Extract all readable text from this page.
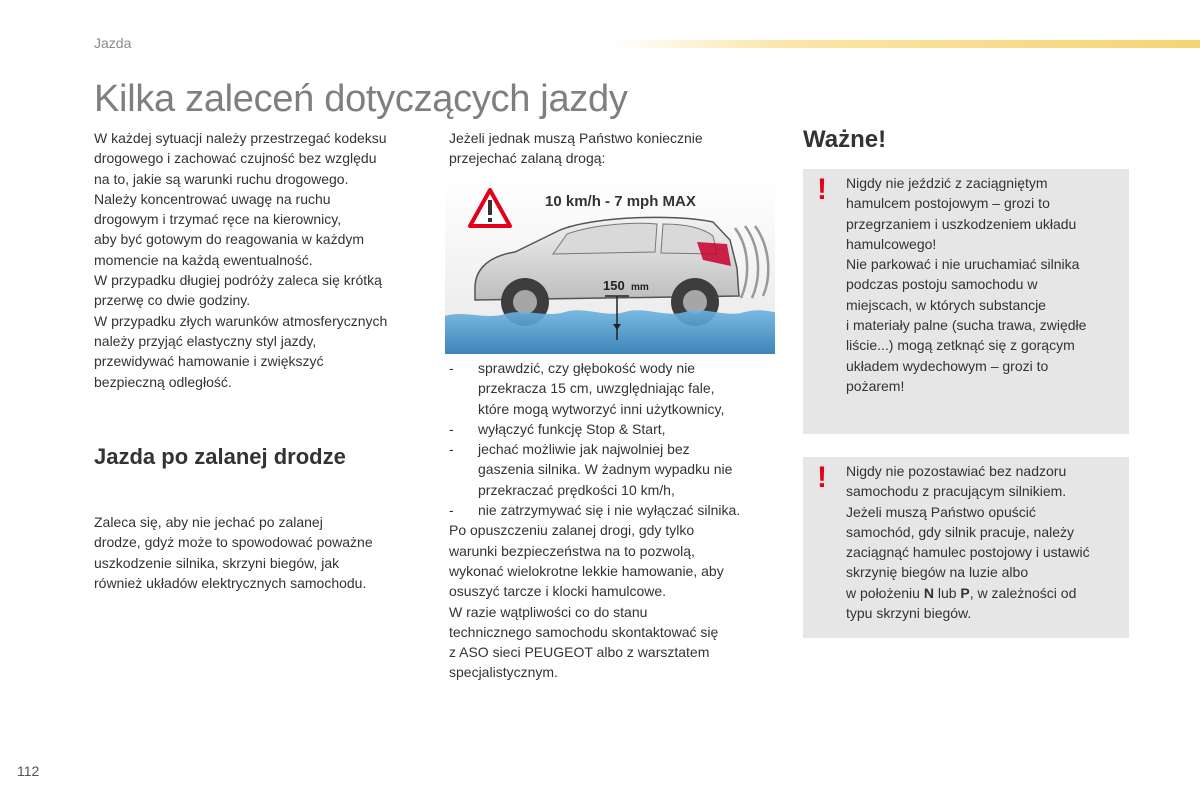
Jazda
Kilka zaleceń dotyczących jazdy

W każdej sytuacji należy przestrzegać kodeksu

drogowego i zachować czujność bez względu

na to, jakie są warunki ruchu drogowego.

Należy koncentrować uwagę na ruchu

drogowym i trzymać ręce na kierownicy,

aby być gotowym do reagowania w każdym

momencie na każdą ewentualność.

W przypadku długiej podróży zaleca się krótką

przerwę co dwie godziny.

W przypadku złych warunków atmosferycznych

należy przyjąć elastyczny styl jazdy,

przewidywać hamowanie i zwiększyć

bezpieczną odległość.

Jazda po zalanej drodze

Zaleca się, aby nie jechać po zalanej

drodze, gdyż może to spowodować poważne

uszkodzenie silnika, skrzyni biegów, jak

również układów elektrycznych samochodu.

Jeżeli jednak muszą Państwo koniecznie

przejechać zalaną drogą:

10 km/h - 7 mph MAX
150 mm
- sprawdzić, czy głębokość wody nie

przekracza 15 cm, uwzględniając fale,

które mogą wytworzyć inni użytkownicy,

- wyłączyć funkcję Stop & Start,

- jechać możliwie jak najwolniej bez

gaszenia silnika. W żadnym wypadku nie

przekraczać prędkości 10 km/h,

- nie zatrzymywać się i nie wyłączać silnika.

Po opuszczeniu zalanej drogi, gdy tylko

warunki bezpieczeństwa na to pozwolą,

wykonać wielokrotne lekkie hamowanie, aby

osuszyć tarcze i klocki hamulcowe.

W razie wątpliwości co do stanu

technicznego samochodu skontaktować się

z ASO sieci PEUGEOT albo z warsztatem

specjalistycznym.

Ważne!
! Nigdy nie jeździć z zaciągniętym

hamulcem postojowym – grozi to

przegrzaniem i uszkodzeniem układu

hamulcowego!

Nie parkować i nie uruchamiać silnika

podczas postoju samochodu w

miejscach, w których substancje

i materiały palne (sucha trawa, zwiędłe

liście...) mogą zetknąć się z gorącym

układem wydechowym – grozi to

pożarem!

! Nigdy nie pozostawiać bez nadzoru

samochodu z pracującym silnikiem.

Jeżeli muszą Państwo opuścić

samochód, gdy silnik pracuje, należy

zaciągnąć hamulec postojowy i ustawić

skrzynię biegów na luzie albo

w położeniu N lub P, w zależności od

typu skrzyni biegów.

112
